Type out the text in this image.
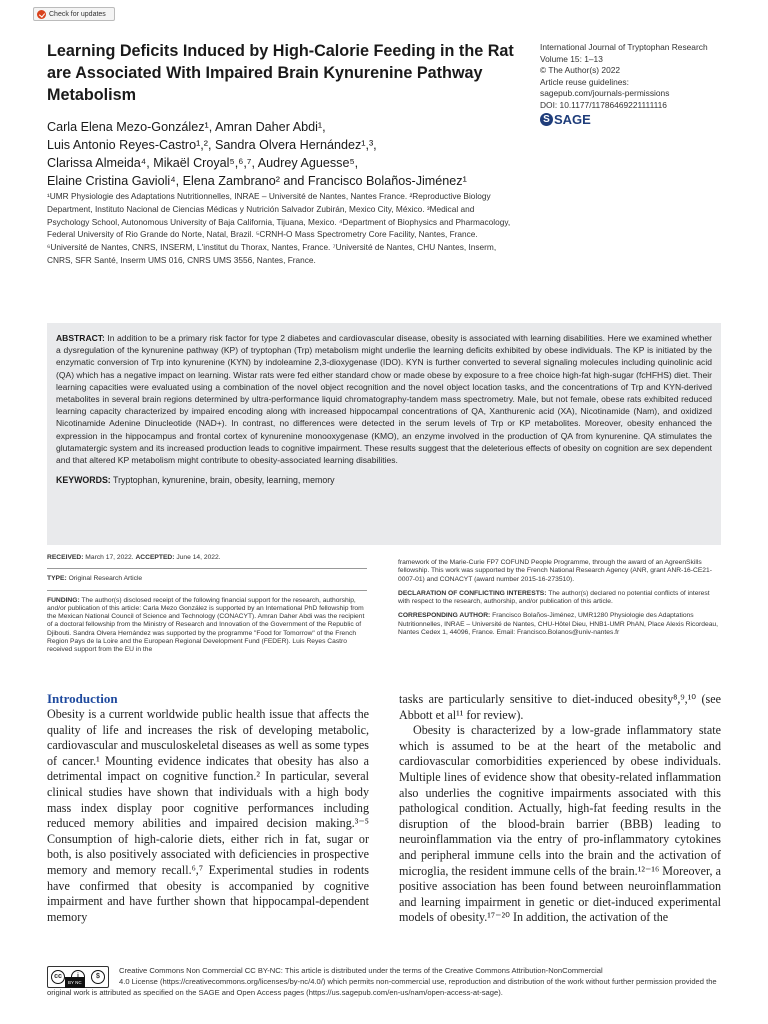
Check for updates
Learning Deficits Induced by High-Calorie Feeding in the Rat are Associated With Impaired Brain Kynurenine Pathway Metabolism
International Journal of Tryptophan Research
Volume 15: 1–13
© The Author(s) 2022
Article reuse guidelines:
sagepub.com/journals-permissions
DOI: 10.1177/11786469221111116
S SAGE
Carla Elena Mezo-González¹, Amran Daher Abdi¹,
Luis Antonio Reyes-Castro¹,², Sandra Olvera Hernández¹,³,
Clarissa Almeida⁴, Mikaël Croyal⁵,⁶,⁷, Audrey Aguesse⁵,
Elaine Cristina Gavioli⁴, Elena Zambrano² and Francisco Bolaños-Jiménez¹
¹UMR Physiologie des Adaptations Nutritionnelles, INRAE – Université de Nantes, Nantes France. ²Reproductive Biology Department, Instituto Nacional de Ciencias Médicas y Nutrición Salvador Zubirán, Mexico City, México. ³Medical and Psychology School, Autonomous University of Baja California, Tijuana, Mexico. ⁴Department of Biophysics and Pharmacology, Federal University of Rio Grande do Norte, Natal, Brazil. ⁵CRNH-O Mass Spectrometry Core Facility, Nantes, France. ⁶Université de Nantes, CNRS, INSERM, L'institut du Thorax, Nantes, France. ⁷Université de Nantes, CHU Nantes, Inserm, CNRS, SFR Santé, Inserm UMS 016, CNRS UMS 3556, Nantes, France.

ABSTRACT: In addition to be a primary risk factor for type 2 diabetes and cardiovascular disease, obesity is associated with learning disabilities. Here we examined whether a dysregulation of the kynurenine pathway (KP) of tryptophan (Trp) metabolism might underlie the learning deficits exhibited by obese individuals. The KP is initiated by the enzymatic conversion of Trp into kynurenine (KYN) by indoleamine 2,3-dioxygenase (IDO). KYN is further converted to several signaling molecules including quinolinic acid (QA) which has a negative impact on learning. Wistar rats were fed either standard chow or made obese by exposure to a free choice high-fat high-sugar (fcHFHS) diet. Their learning capacities were evaluated using a combination of the novel object recognition and the novel object location tasks, and the concentrations of Trp and KYN-derived metabolites in several brain regions determined by ultra-performance liquid chromatography-tandem mass spectrometry. Male, but not female, obese rats exhibited reduced learning capacity characterized by impaired encoding along with increased hippocampal concentrations of QA, Xanthurenic acid (XA), Nicotinamide (Nam), and oxidized Nicotinamide Adenine Dinucleotide (NAD+). In contrast, no differences were detected in the serum levels of Trp or KP metabolites. Moreover, obesity enhanced the expression in the hippocampus and frontal cortex of kynurenine monooxygenase (KMO), an enzyme involved in the production of QA from kynurenine. QA stimulates the glutamatergic system and its increased production leads to cognitive impairment. These results suggest that the deleterious effects of obesity on cognition are sex dependent and that altered KP metabolism might contribute to obesity-associated learning disabilities.

KEYWORDS: Tryptophan, kynurenine, brain, obesity, learning, memory

RECEIVED: March 17, 2022. ACCEPTED: June 14, 2022.

TYPE: Original Research Article

FUNDING: The author(s) disclosed receipt of the following financial support for the research, authorship, and/or publication of this article: Carla Mezo González is supported by an International PhD fellowship from the Mexican National Council of Science and Technology (CONACYT). Amran Daher Abdi was the recipient of a doctoral fellowship from the Ministry of Research and Innovation of the Government of the Republic of Djibouti. Sandra Olvera Hernández was supported by the programme "Food for Tomorrow" of the French Region Pays de la Loire and the European Regional Development Fund (FEDER). Luis Reyes Castro received support from the EU in the

framework of the Marie-Curie FP7 COFUND People Programme, through the award of an AgreenSkills fellowship. This work was supported by the French National Research Agency (ANR, grant ANR-16-CE21-0007-01) and CONACYT (award number 2015-16-273510).

DECLARATION OF CONFLICTING INTERESTS: The author(s) declared no potential conflicts of interest with respect to the research, authorship, and/or publication of this article.

CORRESPONDING AUTHOR: Francisco Bolaños-Jiménez, UMR1280 Physiologie des Adaptations Nutritionnelles, INRAE – Université de Nantes, CHU-Hôtel Dieu, HNB1-UMR PhAN, Place Alexis Ricordeau, Nantes Cedex 1, 44096, France. Email: Francisco.Bolanos@univ-nantes.fr

Introduction

Obesity is a current worldwide public health issue that affects the quality of life and increases the risk of developing metabolic, cardiovascular and musculoskeletal diseases as well as some types of cancer.¹ Mounting evidence indicates that obesity has also a detrimental impact on cognitive function.² In particular, several clinical studies have shown that individuals with a high body mass index display poor cognitive performances including reduced memory abilities and impaired decision making.³⁻⁵ Consumption of high-calorie diets, either rich in fat, sugar or both, is also positively associated with deficiencies in prospective memory and memory recall.⁶,⁷ Experimental studies in rodents have confirmed that obesity is accompanied by cognitive impairment and have further shown that hippocampal-dependent memory

tasks are particularly sensitive to diet-induced obesity⁸,⁹,¹⁰ (see Abbott et al¹¹ for review).

Obesity is characterized by a low-grade inflammatory state which is assumed to be at the heart of the metabolic and cardiovascular comorbidities experienced by obese individuals. Multiple lines of evidence show that obesity-related inflammation also underlies the cognitive impairments associated with this pathological condition. Actually, high-fat feeding results in the disruption of the blood-brain barrier (BBB) leading to neuroinflammation via the entry of pro-inflammatory cytokines and peripheral immune cells into the brain and the activation of microglia, the resident immune cells of the brain.¹²⁻¹⁶ Moreover, a positive association has been found between neuroinflammation and learning impairment in genetic or diet-induced experimental models of obesity.¹⁷⁻²⁰ In addition, the activation of the

cc	$
BY NC
Creative Commons Non Commercial CC BY-NC: This article is distributed under the terms of the Creative Commons Attribution-NonCommercial
4.0 License (https://creativecommons.org/licenses/by-nc/4.0/) which permits non-commercial use, reproduction and distribution of the work without further permission provided the original work is attributed as specified on the SAGE and Open Access pages (https://us.sagepub.com/en-us/nam/open-access-at-sage).
